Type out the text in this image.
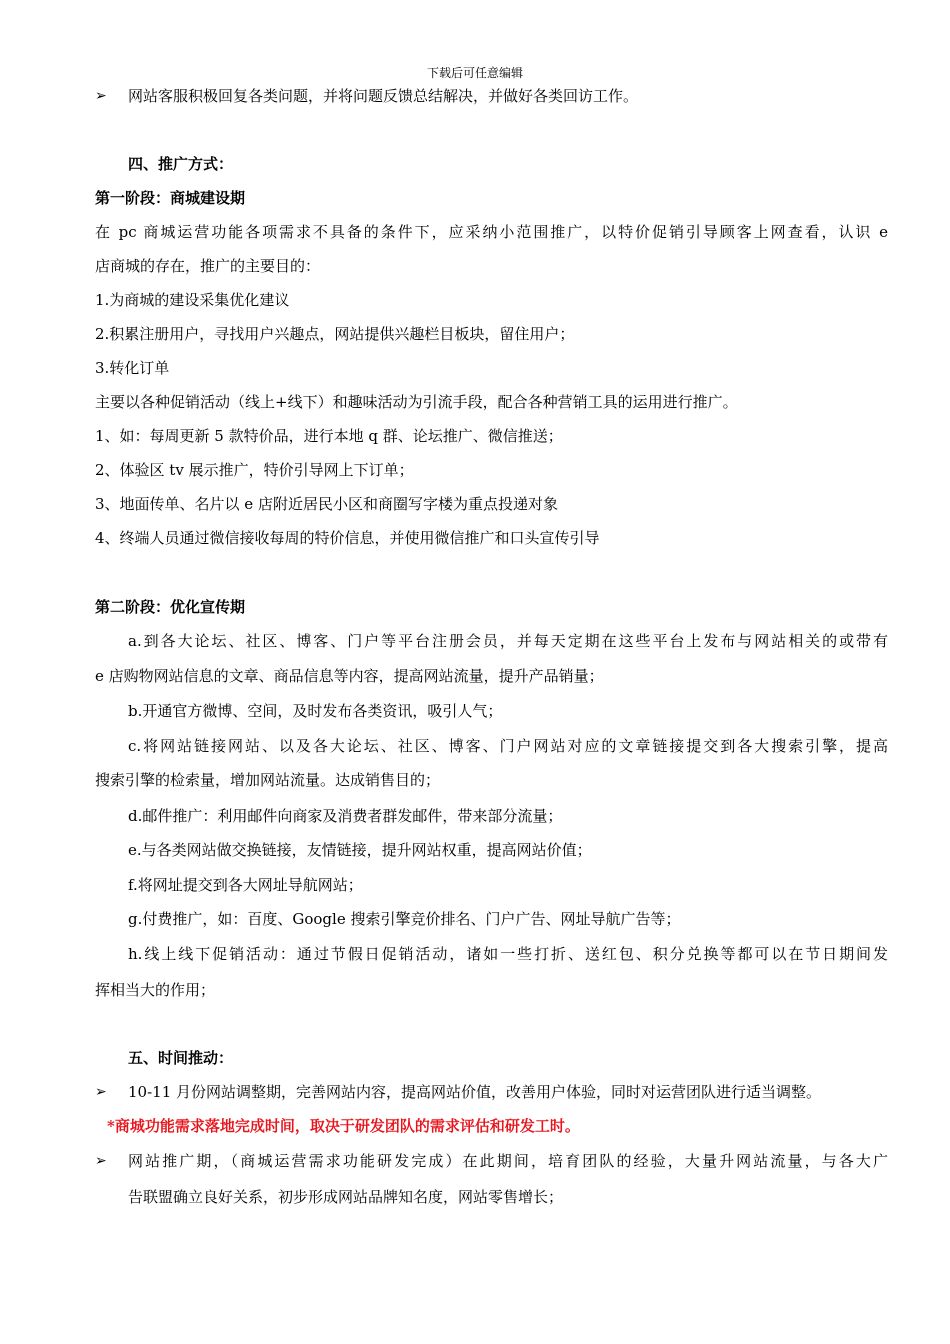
下载后可任意编辑
➢ 网站客服积极回复各类问题，并将问题反馈总结解决，并做好各类回访工作。
四、推广方式：
第一阶段：商城建设期
在 pc 商城运营功能各项需求不具备的条件下，应采纳小范围推广，以特价促销引导顾客上网查看，认识 e
店商城的存在，推广的主要目的：
1.为商城的建设采集优化建议
2.积累注册用户，寻找用户兴趣点，网站提供兴趣栏目板块，留住用户；
3.转化订单
主要以各种促销活动（线上+线下）和趣味活动为引流手段，配合各种营销工具的运用进行推广。
1、如：每周更新 5 款特价品，进行本地 q 群、论坛推广、微信推送；
2、体验区 tv 展示推广，特价引导网上下订单；
3、地面传单、名片以 e 店附近居民小区和商圈写字楼为重点投递对象
4、终端人员通过微信接收每周的特价信息，并使用微信推广和口头宣传引导
第二阶段：优化宣传期
a.到各大论坛、社区、博客、门户等平台注册会员，并每天定期在这些平台上发布与网站相关的或带有
e 店购物网站信息的文章、商品信息等内容，提高网站流量，提升产品销量；
b.开通官方微博、空间，及时发布各类资讯，吸引人气；
c.将网站链接网站、以及各大论坛、社区、博客、门户网站对应的文章链接提交到各大搜索引擎，提高
搜索引擎的检索量，增加网站流量。达成销售目的；
d.邮件推广：利用邮件向商家及消费者群发邮件，带来部分流量；
e.与各类网站做交换链接，友情链接，提升网站权重，提高网站价值；
f.将网址提交到各大网址导航网站；
g.付费推广，如：百度、Google 搜索引擎竞价排名、门户广告、网址导航广告等；
h.线上线下促销活动：通过节假日促销活动，诸如一些打折、送红包、积分兑换等都可以在节日期间发
挥相当大的作用；
五、时间推动：
➢ 10-11 月份网站调整期，完善网站内容，提高网站价值，改善用户体验，同时对运营团队进行适当调整。
*商城功能需求落地完成时间，取决于研发团队的需求评估和研发工时。
➢ 网站推广期，（商城运营需求功能研发完成）在此期间，培育团队的经验，大量升网站流量，与各大广
告联盟确立良好关系，初步形成网站品牌知名度，网站零售增长；
